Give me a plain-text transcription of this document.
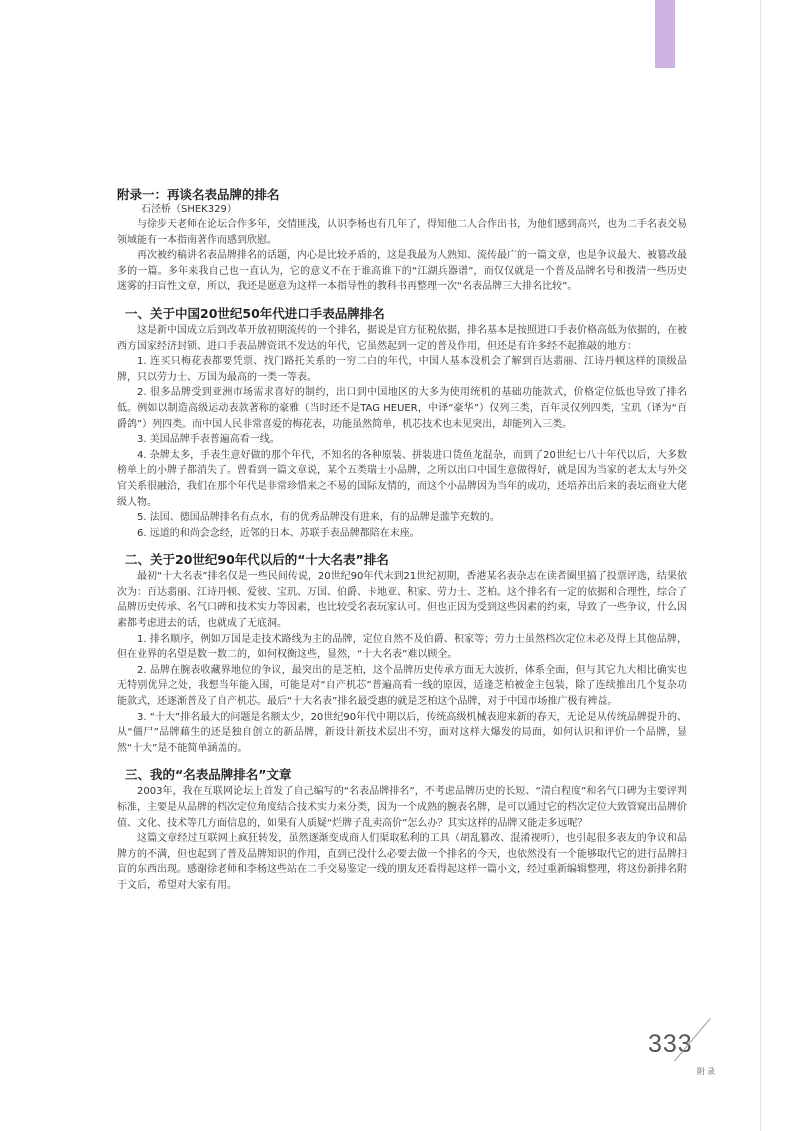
附录一：再谈名表品牌的排名

石泾桥（SHEK329）

与徐步天老师在论坛合作多年，交情匪浅，认识李杨也有几年了，得知他二人合作出书，为他们感到高兴，也为二手名表交易领域能有一本指南著作而感到欣慰。

再次被约稿讲名表品牌排名的话题，内心是比较矛盾的，这是我最为人熟知、流传最广的一篇文章，也是争议最大、被篡改最多的一篇。多年来我自己也一直认为，它的意义不在于谁高谁下的“江湖兵器谱”，而仅仅就是一个普及品牌名号和拨清一些历史迷雾的扫盲性文章，所以，我还是愿意为这样一本指导性的教科书再整理一次“名表品牌三大排名比较”。

一、关于中国20世纪50年代进口手表品牌排名

这是新中国成立后到改革开放初期流传的一个排名，据说是官方征税依据，排名基本是按照进口手表价格高低为依据的，在被西方国家经济封锁、进口手表品牌资讯不发达的年代，它虽然起到一定的普及作用，但还是有许多经不起推敲的地方：

1. 连买只梅花表都要凭票、找门路托关系的一穷二白的年代，中国人基本没机会了解到百达翡丽、江诗丹顿这样的顶级品牌，只以劳力士、万国为最高的一类一等表。

2. 很多品牌受到亚洲市场需求喜好的制约，出口到中国地区的大多为使用统机的基础功能款式，价格定位低也导致了排名低。例如以制造高级运动表款著称的豪雅（当时还不是TAG HEUER，中译“豪华”）仅列三类，百年灵仅列四类，宝玑（译为“百爵鸽”）列四类。而中国人民非常喜爱的梅花表，功能虽然简单，机芯技术也未见突出，却能列入三类。

3. 美国品牌手表普遍高看一线。

4. 杂牌太多，手表生意好做的那个年代，不知名的各种原装、拼装进口货鱼龙混杂，而到了20世纪七八十年代以后，大多数榜单上的小牌子都消失了。曾看到一篇文章说，某个五类瑞士小品牌，之所以出口中国生意做得好，就是因为当家的老太太与外交官关系很融洽，我们在那个年代是非常珍惜来之不易的国际友情的，而这个小品牌因为当年的成功，还培养出后来的表坛商业大佬级人物。

5. 法国、德国品牌排名有点水，有的优秀品牌没有进来，有的品牌是滥竽充数的。

6. 远道的和尚会念经，近邻的日本、苏联手表品牌都陪在末座。

二、关于20世纪90年代以后的“十大名表”排名

最初“十大名表”排名仅是一些民间传说，20世纪90年代末到21世纪初期，香港某名表杂志在读者圈里搞了投票评选，结果依次为：百达翡丽、江诗丹顿、爱彼、宝玑、万国、伯爵、卡地亚、积家、劳力士、芝柏。这个排名有一定的依据和合理性，综合了品牌历史传承、名气口碑和技术实力等因素，也比较受名表玩家认可。但也正因为受到这些因素的约束，导致了一些争议，什么因素都考虑进去的话，也就成了无底洞。

1. 排名顺序，例如万国是走技术路线为主的品牌，定位自然不及伯爵、积家等；劳力士虽然档次定位未必及得上其他品牌，但在业界的名望是数一数二的，如何权衡这些，显然，“十大名表”难以顾全。

2. 品牌在腕表收藏界地位的争议，最突出的是芝柏，这个品牌历史传承方面无大波折，体系全面，但与其它九大相比确实也无特别优异之处，我想当年能入围，可能是对“自产机芯”普遍高看一线的原因，适逢芝柏被金主包装，除了连续推出几个复杂功能款式，还逐渐普及了自产机芯。最后“十大名表”排名最受惠的就是芝柏这个品牌，对于中国市场推广极有裨益。

3. “十大”排名最大的问题是名额太少，20世纪90年代中期以后，传统高级机械表迎来新的春天，无论是从传统品牌提升的、从“僵尸”品牌藉生的还是独自创立的新品牌，新设计新技术层出不穷，面对这样大爆发的局面，如何认识和评价一个品牌，显然“十大”是不能简单涵盖的。

三、我的“名表品牌排名”文章

2003年，我在互联网论坛上首发了自己编写的“名表品牌排名”，不考虑品牌历史的长短、“清白程度”和名气口碑为主要评判标准，主要是从品牌的档次定位角度结合技术实力来分类，因为一个成熟的腕表名牌，是可以通过它的档次定位大致管窥出品牌价值、文化、技术等几方面信息的，如果有人质疑“烂牌子乱卖高价”怎么办？其实这样的品牌又能走多远呢？

这篇文章经过互联网上疯狂转发，虽然逐渐变成商人们渠取私利的工具（胡乱篡改、混淆视听），也引起很多表友的争议和品牌方的不满，但也起到了普及品牌知识的作用，直到已没什么必要去做一个排名的今天，也依然没有一个能够取代它的进行品牌扫盲的东西出现。感谢徐老师和李杨这些站在二手交易鉴定一线的朋友还看得起这样一篇小文，经过重新编辑整理，将这份新排名附于文后，希望对大家有用。

333
附录
